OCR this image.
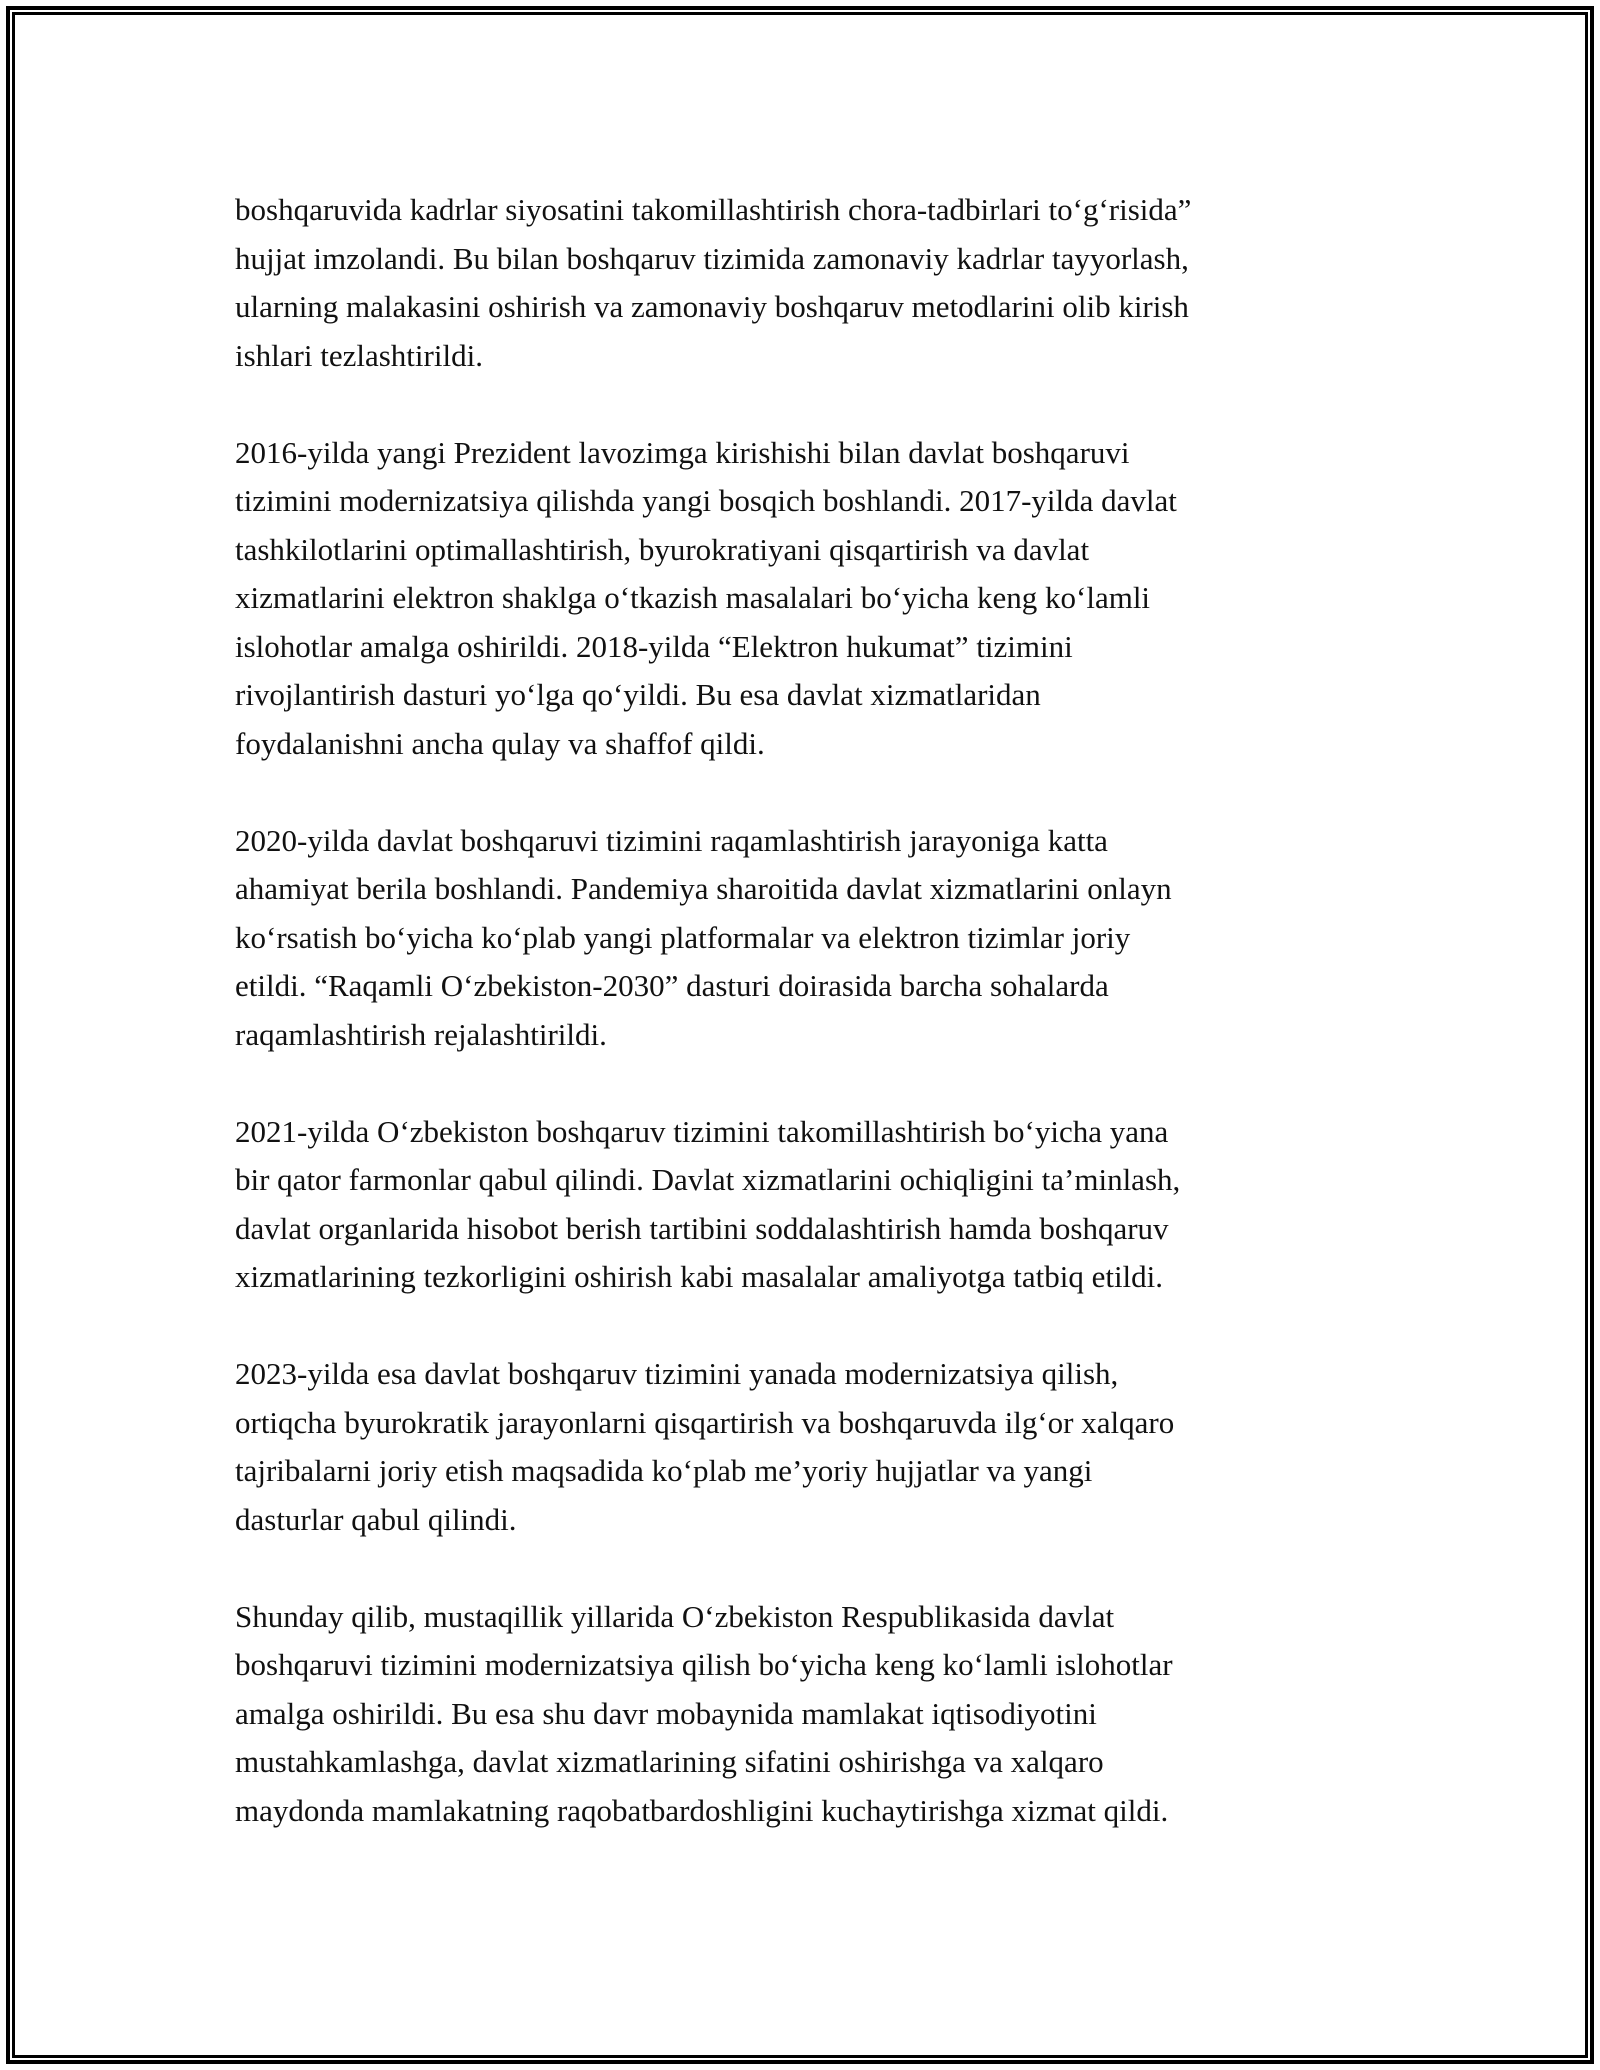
boshqaruvida kadrlar siyosatini takomillashtirish chora-tadbirlari to‘g‘risida”
hujjat imzolandi. Bu bilan boshqaruv tizimida zamonaviy kadrlar tayyorlash,
ularning malakasini oshirish va zamonaviy boshqaruv metodlarini olib kirish
ishlari tezlashtirildi.

2016-yilda yangi Prezident lavozimga kirishishi bilan davlat boshqaruvi
tizimini modernizatsiya qilishda yangi bosqich boshlandi. 2017-yilda davlat
tashkilotlarini optimallashtirish, byurokratiyani qisqartirish va davlat
xizmatlarini elektron shaklga o‘tkazish masalalari bo‘yicha keng ko‘lamli
islohotlar amalga oshirildi. 2018-yilda “Elektron hukumat” tizimini
rivojlantirish dasturi yo‘lga qo‘yildi. Bu esa davlat xizmatlaridan
foydalanishni ancha qulay va shaffof qildi.

2020-yilda davlat boshqaruvi tizimini raqamlashtirish jarayoniga katta
ahamiyat berila boshlandi. Pandemiya sharoitida davlat xizmatlarini onlayn
ko‘rsatish bo‘yicha ko‘plab yangi platformalar va elektron tizimlar joriy
etildi. “Raqamli O‘zbekiston-2030” dasturi doirasida barcha sohalarda
raqamlashtirish rejalashtirildi.

2021-yilda O‘zbekiston boshqaruv tizimini takomillashtirish bo‘yicha yana
bir qator farmonlar qabul qilindi. Davlat xizmatlarini ochiqligini ta’minlash,
davlat organlarida hisobot berish tartibini soddalashtirish hamda boshqaruv
xizmatlarining tezkorligini oshirish kabi masalalar amaliyotga tatbiq etildi.

2023-yilda esa davlat boshqaruv tizimini yanada modernizatsiya qilish,
ortiqcha byurokratik jarayonlarni qisqartirish va boshqaruvda ilg‘or xalqaro
tajribalarni joriy etish maqsadida ko‘plab me’yoriy hujjatlar va yangi
dasturlar qabul qilindi.

Shunday qilib, mustaqillik yillarida O‘zbekiston Respublikasida davlat
boshqaruvi tizimini modernizatsiya qilish bo‘yicha keng ko‘lamli islohotlar
amalga oshirildi. Bu esa shu davr mobaynida mamlakat iqtisodiyotini
mustahkamlashga, davlat xizmatlarining sifatini oshirishga va xalqaro
maydonda mamlakatning raqobatbardoshligini kuchaytirishga xizmat qildi.
